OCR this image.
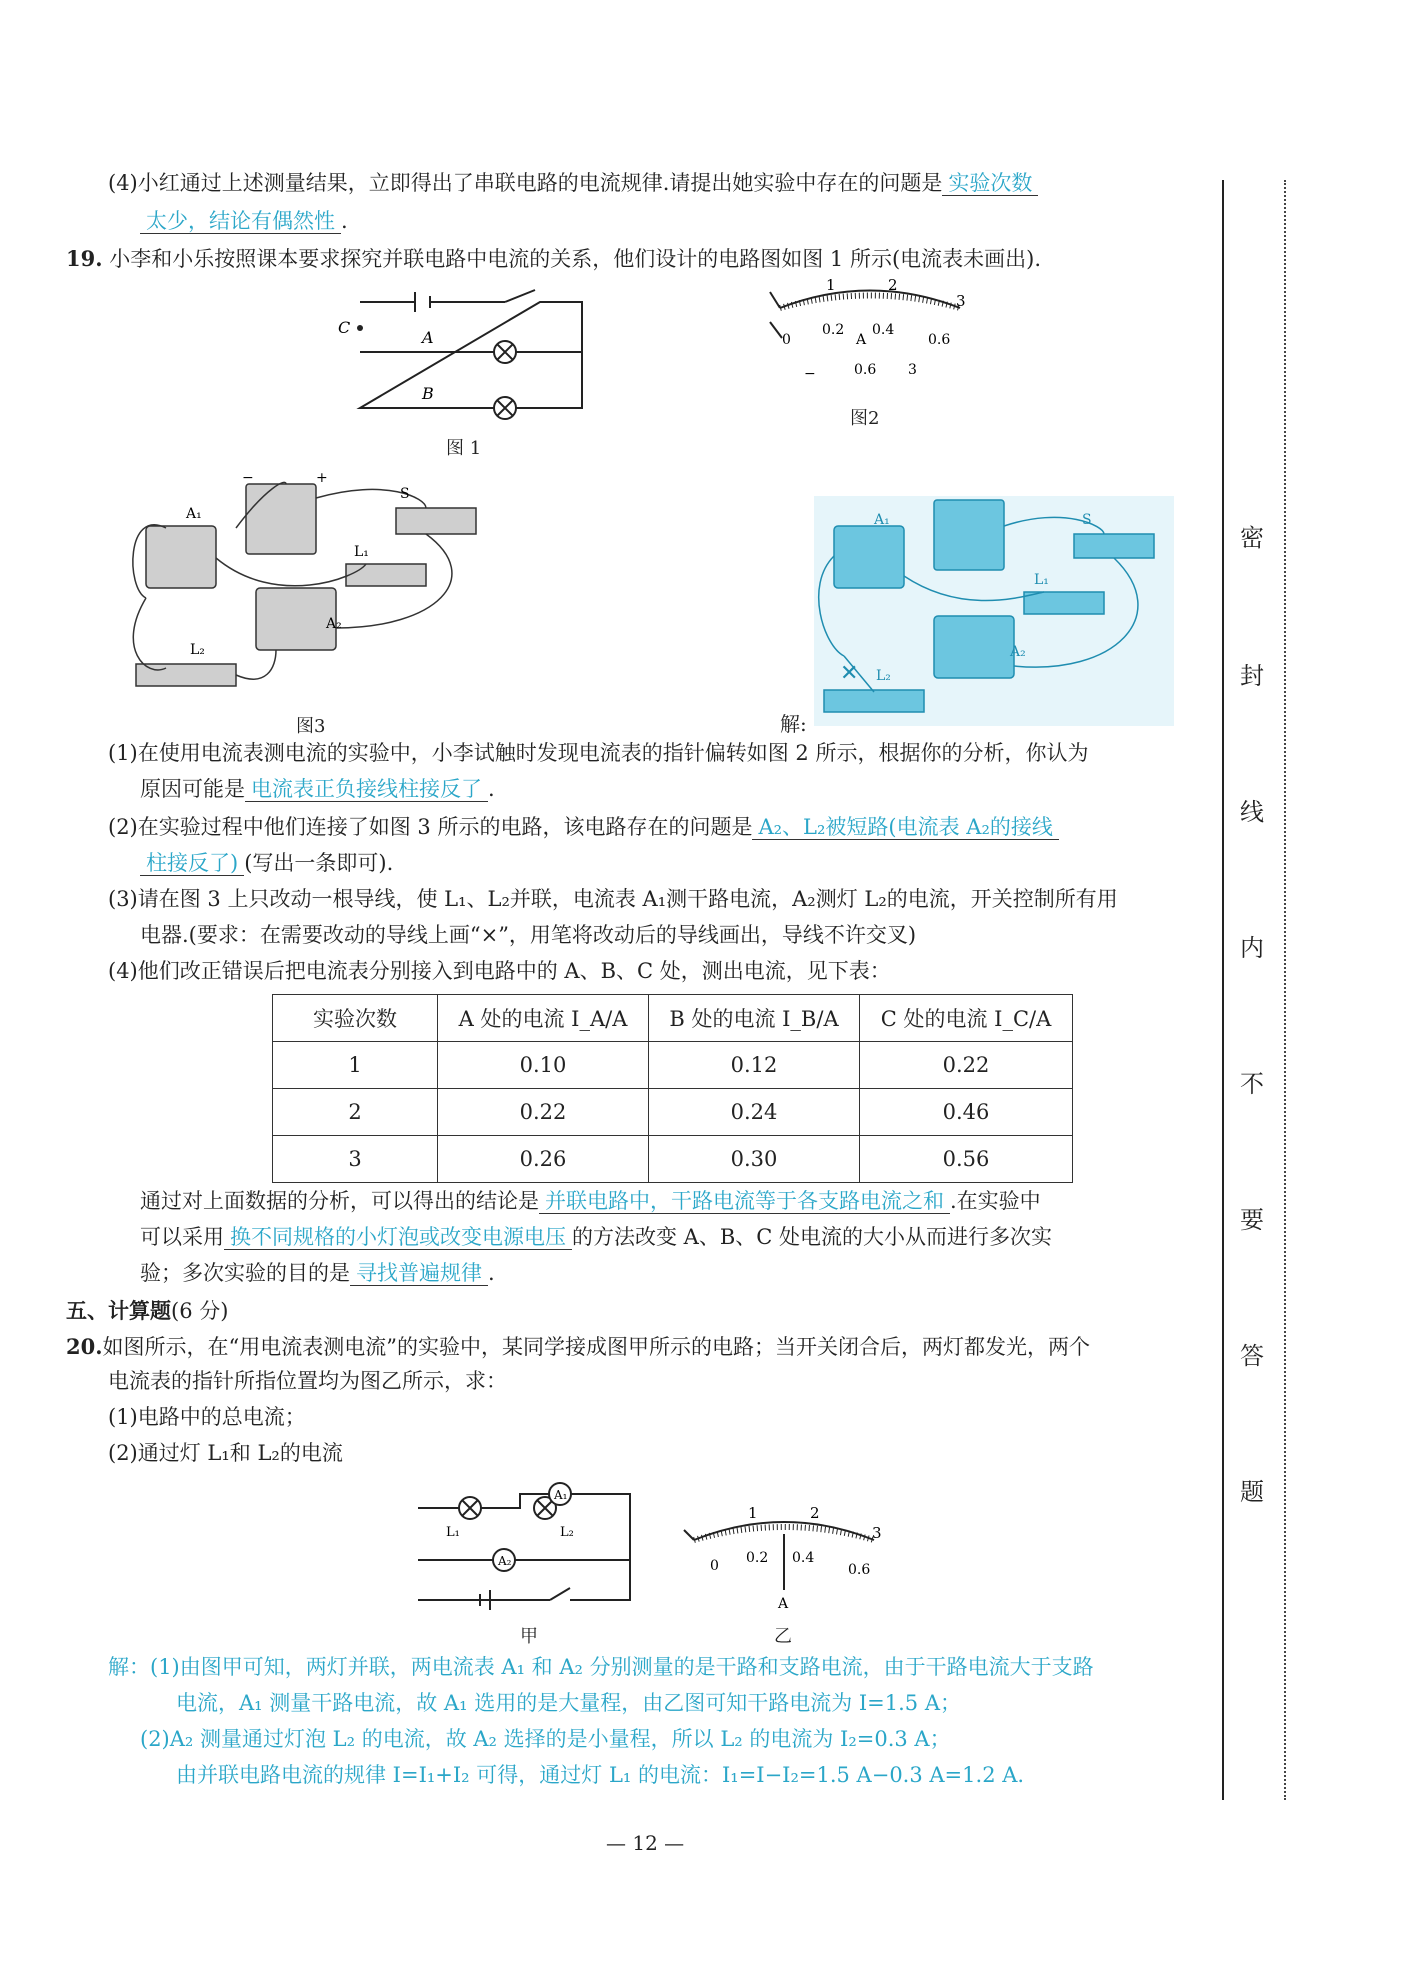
(4)小红通过上述测量结果，立即得出了串联电路的电流规律.请提出她实验中存在的问题是 实验次数
太少，结论有偶然性 .
19. 小李和小乐按照课本要求探究并联电路中电流的关系，他们设计的电路图如图 1 所示(电流表未画出).
C
A
B
图 1
1	2
3
0
0.2 0.4
0.6
A
−	0.6 3
图2
A₁
A₂
L₁
L₂
S
−	+
图3
✕
A₁
A₂
L₁
L₂
S
解:
(1)在使用电流表测电流的实验中，小李试触时发现电流表的指针偏转如图 2 所示，根据你的分析，你认为
原因可能是 电流表正负接线柱接反了 .
(2)在实验过程中他们连接了如图 3 所示的电路，该电路存在的问题是 A₂、L₂被短路(电流表 A₂的接线
柱接反了) (写出一条即可).
(3)请在图 3 上只改动一根导线，使 L₁、L₂并联，电流表 A₁测干路电流，A₂测灯 L₂的电流，开关控制所有用
电器.(要求：在需要改动的导线上画“×”，用笔将改动后的导线画出，导线不许交叉)
(4)他们改正错误后把电流表分别接入到电路中的 A、B、C 处，测出电流，见下表：
实验次数	A 处的电流 I_A/A	B 处的电流 I_B/A	C 处的电流 I_C/A
1	0.10	0.12	0.22
2	0.22	0.24	0.46
3	0.26	0.30	0.56
通过对上面数据的分析，可以得出的结论是 并联电路中，干路电流等于各支路电流之和 .在实验中
可以采用 换不同规格的小灯泡或改变电源电压 的方法改变 A、B、C 处电流的大小从而进行多次实
验；多次实验的目的是 寻找普遍规律 .
五、计算题(6 分)
20.如图所示，在“用电流表测电流”的实验中，某同学接成图甲所示的电路；当开关闭合后，两灯都发光，两个
电流表的指针所指位置均为图乙所示，求：
(1)电路中的总电流；
(2)通过灯 L₁和 L₂的电流
A₁
A₂
L₁	L₂
甲
1	2
3
0 0.2 0.4
0.6
A
乙
解：(1)由图甲可知，两灯并联，两电流表 A₁ 和 A₂ 分别测量的是干路和支路电流，由于干路电流大于支路
电流，A₁ 测量干路电流，故 A₁ 选用的是大量程，由乙图可知干路电流为 I=1.5 A；
(2)A₂ 测量通过灯泡 L₂ 的电流，故 A₂ 选择的是小量程，所以 L₂ 的电流为 I₂=0.3 A；
由并联电路电流的规律 I=I₁+I₂ 可得，通过灯 L₁ 的电流：I₁=I−I₂=1.5 A−0.3 A=1.2 A.
密
封
线
内
不
要
答
题
— 12 —
